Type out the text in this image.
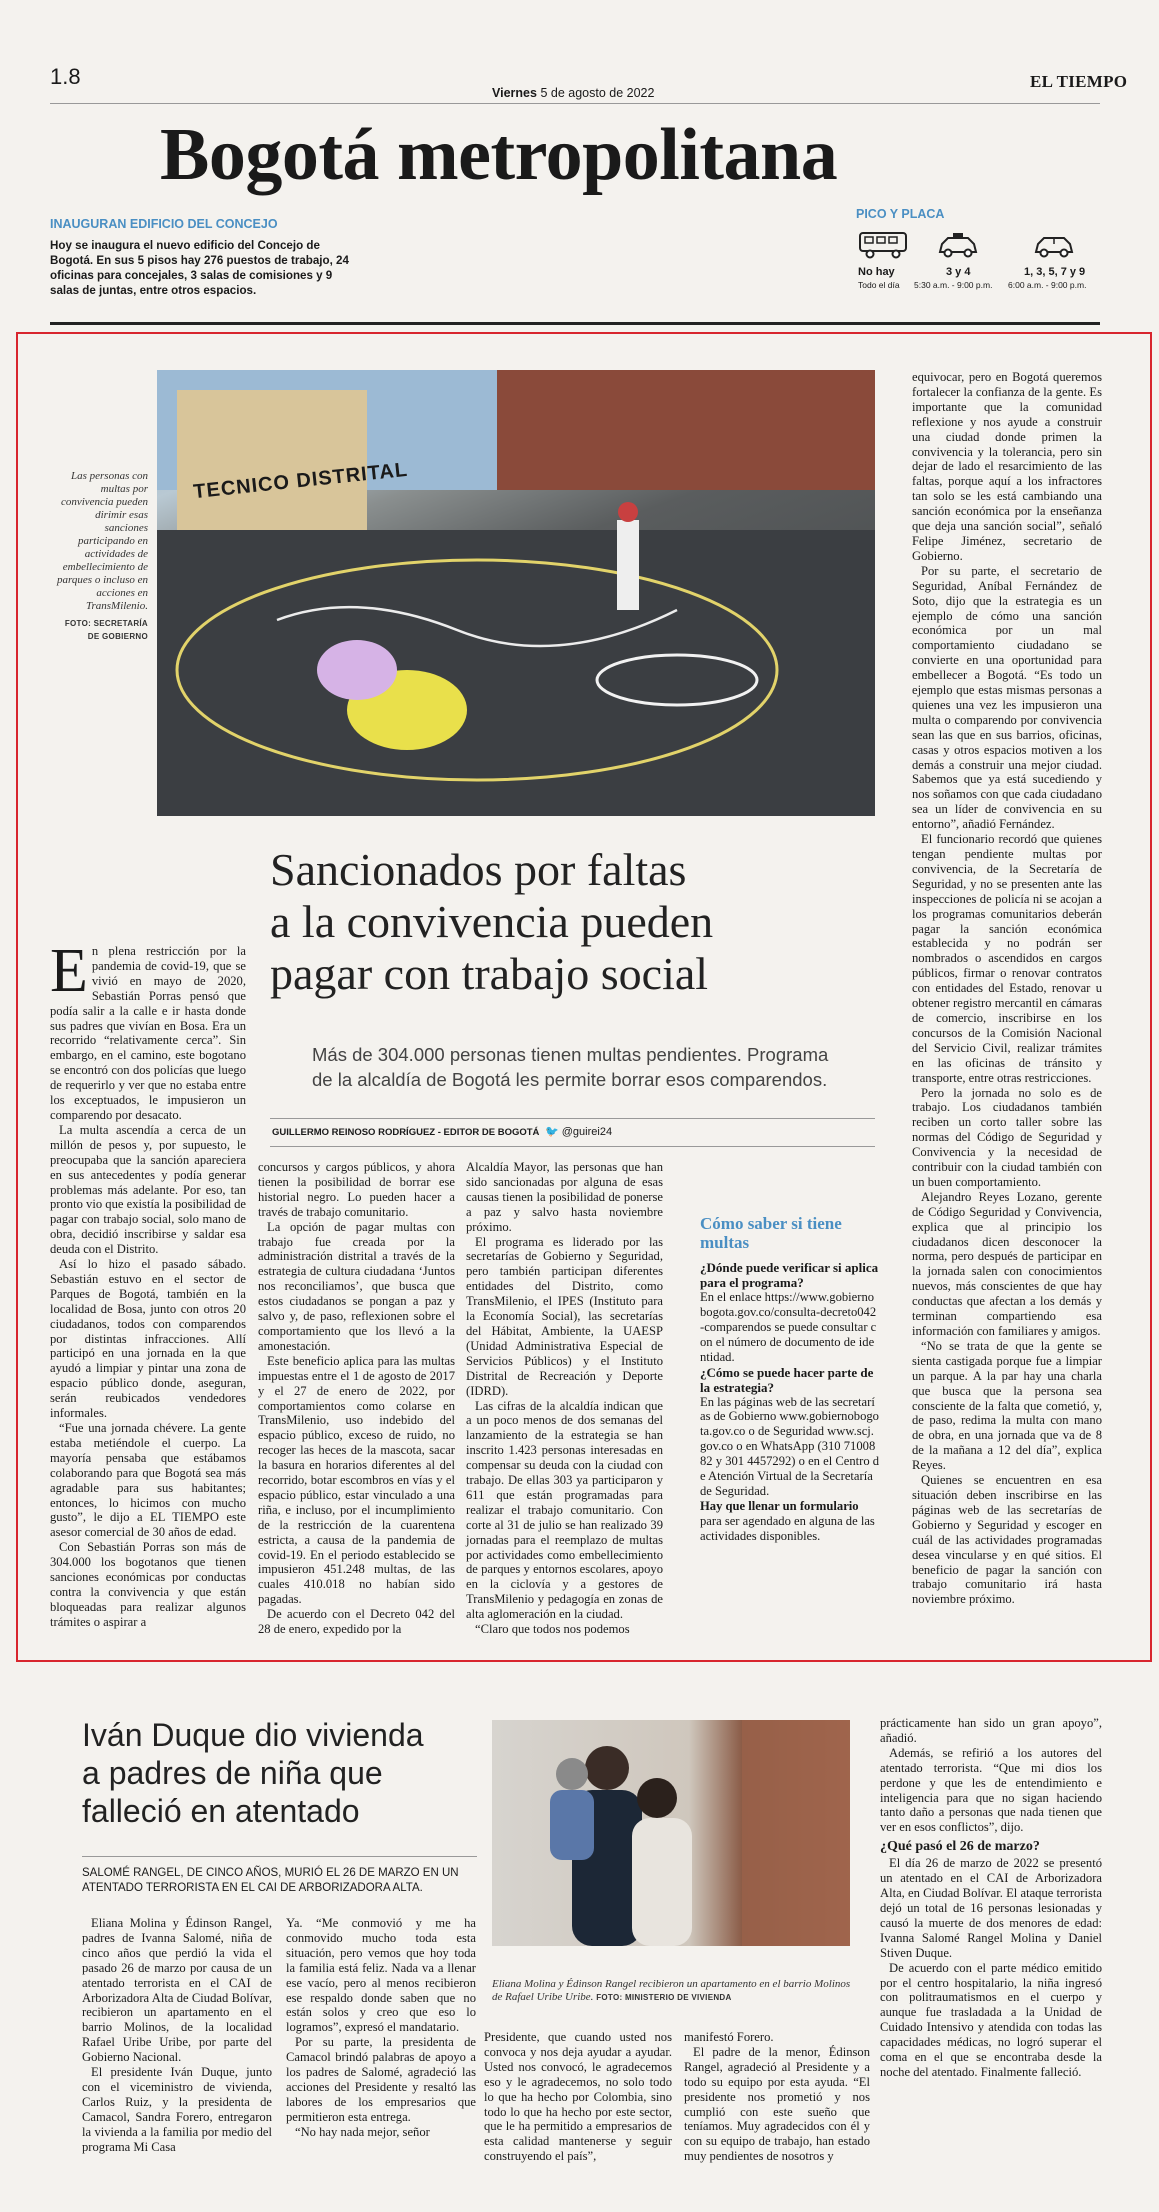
1.8
Viernes 5 de agosto de 2022
EL TIEMPO
Bogotá metropolitana
INAUGURAN EDIFICIO DEL CONCEJO
Hoy se inaugura el nuevo edificio del Concejo de Bogotá. En sus 5 pisos hay 276 puestos de trabajo, 24 oficinas para concejales, 3 salas de comisiones y 9 salas de juntas, entre otros espacios.
PICO Y PLACA
No hay
Todo el día
3 y 4
5:30 a.m. - 9:00 p.m.
1, 3, 5, 7 y 9
6:00 a.m. - 9:00 p.m.
TECNICO DISTRITAL
Las personas con multas por convivencia pueden dirimir esas sanciones participando en actividades de embellecimiento de parques o incluso en acciones en TransMilenio.
FOTO: SECRETARÍA DE GOBIERNO
Sancionados por faltas
a la convivencia pueden
pagar con trabajo social
Más de 304.000 personas tienen multas pendientes. Programa
de la alcaldía de Bogotá les permite borrar esos comparendos.
GUILLERMO REINOSO RODRÍGUEZ - EDITOR DE BOGOTÁ 🐦 @guirei24
E n plena restricción por la pandemia de covid-19, que se vivió en mayo de 2020, Sebastián Porras pensó que podía salir a la calle e ir hasta donde sus padres que vivían en Bosa. Era un recorrido “relativamente cerca”. Sin embargo, en el camino, este bogotano se encontró con dos policías que luego de requerirlo y ver que no estaba entre los exceptuados, le impusieron un comparendo por desacato.

La multa ascendía a cerca de un millón de pesos y, por supuesto, le preocupaba que la sanción apareciera en sus antecedentes y podía generar problemas más adelante. Por eso, tan pronto vio que existía la posibilidad de pagar con trabajo social, solo mano de obra, decidió inscribirse y saldar esa deuda con el Distrito.

Así lo hizo el pasado sábado. Sebastián estuvo en el sector de Parques de Bogotá, también en la localidad de Bosa, junto con otros 20 ciudadanos, todos con comparendos por distintas infracciones. Allí participó en una jornada en la que ayudó a limpiar y pintar una zona de espacio público donde, aseguran, serán reubicados vendedores informales.

“Fue una jornada chévere. La gente estaba metiéndole el cuerpo. La mayoría pensaba que estábamos colaborando para que Bogotá sea más agradable para sus habitantes; entonces, lo hicimos con mucho gusto”, le dijo a EL TIEMPO este asesor comercial de 30 años de edad.

Con Sebastián Porras son más de 304.000 los bogotanos que tienen sanciones económicas por conductas contra la convivencia y que están bloqueadas para realizar algunos trámites o aspirar a

concursos y cargos públicos, y ahora tienen la posibilidad de borrar ese historial negro. Lo pueden hacer a través de trabajo comunitario.

La opción de pagar multas con trabajo fue creada por la administración distrital a través de la estrategia de cultura ciudadana ‘Juntos nos reconciliamos’, que busca que estos ciudadanos se pongan a paz y salvo y, de paso, reflexionen sobre el comportamiento que los llevó a la amonestación.

Este beneficio aplica para las multas impuestas entre el 1 de agosto de 2017 y el 27 de enero de 2022, por comportamientos como colarse en TransMilenio, uso indebido del espacio público, exceso de ruido, no recoger las heces de la mascota, sacar la basura en horarios diferentes al del recorrido, botar escombros en vías y el espacio público, estar vinculado a una riña, e incluso, por el incumplimiento de la restricción de la cuarentena estricta, a causa de la pandemia de covid-19. En el periodo establecido se impusieron 451.248 multas, de las cuales 410.018 no habían sido pagadas.

De acuerdo con el Decreto 042 del 28 de enero, expedido por la

Alcaldía Mayor, las personas que han sido sancionadas por alguna de esas causas tienen la posibilidad de ponerse a paz y salvo hasta noviembre próximo.

El programa es liderado por las secretarías de Gobierno y Seguridad, pero también participan diferentes entidades del Distrito, como TransMilenio, el IPES (Instituto para la Economía Social), las secretarías del Hábitat, Ambiente, la UAESP (Unidad Administrativa Especial de Servicios Públicos) y el Instituto Distrital de Recreación y Deporte (IDRD).

Las cifras de la alcaldía indican que a un poco menos de dos semanas del lanzamiento de la estrategia se han inscrito 1.423 personas interesadas en compensar su deuda con la ciudad con trabajo. De ellas 303 ya participaron y 611 que están programadas para realizar el trabajo comunitario. Con corte al 31 de julio se han realizado 39 jornadas para el reemplazo de multas por actividades como embellecimiento de parques y entornos escolares, apoyo en la ciclovía y a gestores de TransMilenio y pedagogía en zonas de alta aglomeración en la ciudad.

“Claro que todos nos podemos

Cómo saber si tiene multas
¿Dónde puede verificar si aplica para el programa?
En el enlace https://www.gobiernobogota.gov.co/consulta-decreto042-comparendos se puede consultar con el número de documento de identidad.
¿Cómo se puede hacer parte de la estrategia?
En las páginas web de las secretarías de Gobierno www.gobiernobogota.gov.co o de Seguridad www.scj.gov.co o en WhatsApp (310 7100882 y 301 4457292) o en el Centro de Atención Virtual de la Secretaría de Seguridad.
Hay que llenar un formulario para ser agendado en alguna de las actividades disponibles.

equivocar, pero en Bogotá queremos fortalecer la confianza de la gente. Es importante que la comunidad reflexione y nos ayude a construir una ciudad donde primen la convivencia y la tolerancia, pero sin dejar de lado el resarcimiento de las faltas, porque aquí a los infractores tan solo se les está cambiando una sanción económica por la enseñanza que deja una sanción social”, señaló Felipe Jiménez, secretario de Gobierno.

Por su parte, el secretario de Seguridad, Aníbal Fernández de Soto, dijo que la estrategia es un ejemplo de cómo una sanción económica por un mal comportamiento ciudadano se convierte en una oportunidad para embellecer a Bogotá. “Es todo un ejemplo que estas mismas personas a quienes una vez les impusieron una multa o comparendo por convivencia sean las que en sus barrios, oficinas, casas y otros espacios motiven a los demás a construir una mejor ciudad. Sabemos que ya está sucediendo y nos soñamos con que cada ciudadano sea un líder de convivencia en su entorno”, añadió Fernández.

El funcionario recordó que quienes tengan pendiente multas por convivencia, de la Secretaría de Seguridad, y no se presenten ante las inspecciones de policía ni se acojan a los programas comunitarios deberán pagar la sanción económica establecida y no podrán ser nombrados o ascendidos en cargos públicos, firmar o renovar contratos con entidades del Estado, renovar u obtener registro mercantil en cámaras de comercio, inscribirse en los concursos de la Comisión Nacional del Servicio Civil, realizar trámites en las oficinas de tránsito y transporte, entre otras restricciones.

Pero la jornada no solo es de trabajo. Los ciudadanos también reciben un corto taller sobre las normas del Código de Seguridad y Convivencia y la necesidad de contribuir con la ciudad también con un buen comportamiento.

Alejandro Reyes Lozano, gerente de Código Seguridad y Convivencia, explica que al principio los ciudadanos dicen desconocer la norma, pero después de participar en la jornada salen con conocimientos nuevos, más conscientes de que hay conductas que afectan a los demás y terminan compartiendo esa información con familiares y amigos.

“No se trata de que la gente se sienta castigada porque fue a limpiar un parque. A la par hay una charla que busca que la persona sea consciente de la falta que cometió, y, de paso, redima la multa con mano de obra, en una jornada que va de 8 de la mañana a 12 del día”, explica Reyes.

Quienes se encuentren en esa situación deben inscribirse en las páginas web de las secretarías de Gobierno y Seguridad y escoger en cuál de las actividades programadas desea vincularse y en qué sitios. El beneficio de pagar la sanción con trabajo comunitario irá hasta noviembre próximo.

Iván Duque dio vivienda
a padres de niña que
falleció en atentado
SALOMÉ RANGEL, DE CINCO AÑOS, MURIÓ EL 26 DE MARZO EN UN ATENTADO TERRORISTA EN EL CAI DE ARBORIZADORA ALTA.

Eliana Molina y Édinson Rangel, padres de Ivanna Salomé, niña de cinco años que perdió la vida el pasado 26 de marzo por causa de un atentado terrorista en el CAI de Arborizadora Alta de Ciudad Bolívar, recibieron un apartamento en el barrio Molinos, de la localidad Rafael Uribe Uribe, por parte del Gobierno Nacional.

El presidente Iván Duque, junto con el viceministro de vivienda, Carlos Ruiz, y la presidenta de Camacol, Sandra Forero, entregaron la vivienda a la familia por medio del programa Mi Casa

Ya. “Me conmovió y me ha conmovido mucho toda esta situación, pero vemos que hoy toda la familia está feliz. Nada va a llenar ese vacío, pero al menos recibieron ese respaldo donde saben que no están solos y creo que eso lo logramos”, expresó el mandatario.

Por su parte, la presidenta de Camacol brindó palabras de apoyo a los padres de Salomé, agradeció las acciones del Presidente y resaltó las labores de los empresarios que permitieron esta entrega.

“No hay nada mejor, señor

Eliana Molina y Édinson Rangel recibieron un apartamento en el barrio Molinos de Rafael Uribe Uribe. FOTO: MINISTERIO DE VIVIENDA

Presidente, que cuando usted nos convoca y nos deja ayudar a ayudar. Usted nos convocó, le agradecemos eso y le agradecemos, no solo todo lo que ha hecho por Colombia, sino todo lo que ha hecho por este sector, que le ha permitido a empresarios de esta calidad mantenerse y seguir construyendo el país”,

manifestó Forero.

El padre de la menor, Édinson Rangel, agradeció al Presidente y a todo su equipo por esta ayuda. “El presidente nos prometió y nos cumplió con este sueño que teníamos. Muy agradecidos con él y con su equipo de trabajo, han estado muy pendientes de nosotros y

prácticamente han sido un gran apoyo”, añadió.

Además, se refirió a los autores del atentado terrorista. “Que mi dios los perdone y que les de entendimiento e inteligencia para que no sigan haciendo tanto daño a personas que nada tienen que ver en esos conflictos”, dijo.

¿Qué pasó el 26 de marzo?

El día 26 de marzo de 2022 se presentó un atentado en el CAI de Arborizadora Alta, en Ciudad Bolívar. El ataque terrorista dejó un total de 16 personas lesionadas y causó la muerte de dos menores de edad: Ivanna Salomé Rangel Molina y Daniel Stiven Duque.

De acuerdo con el parte médico emitido por el centro hospitalario, la niña ingresó con politraumatismos en el cuerpo y aunque fue trasladada a la Unidad de Cuidado Intensivo y atendida con todas las capacidades médicas, no logró superar el coma en el que se encontraba desde la noche del atentado. Finalmente falleció.
